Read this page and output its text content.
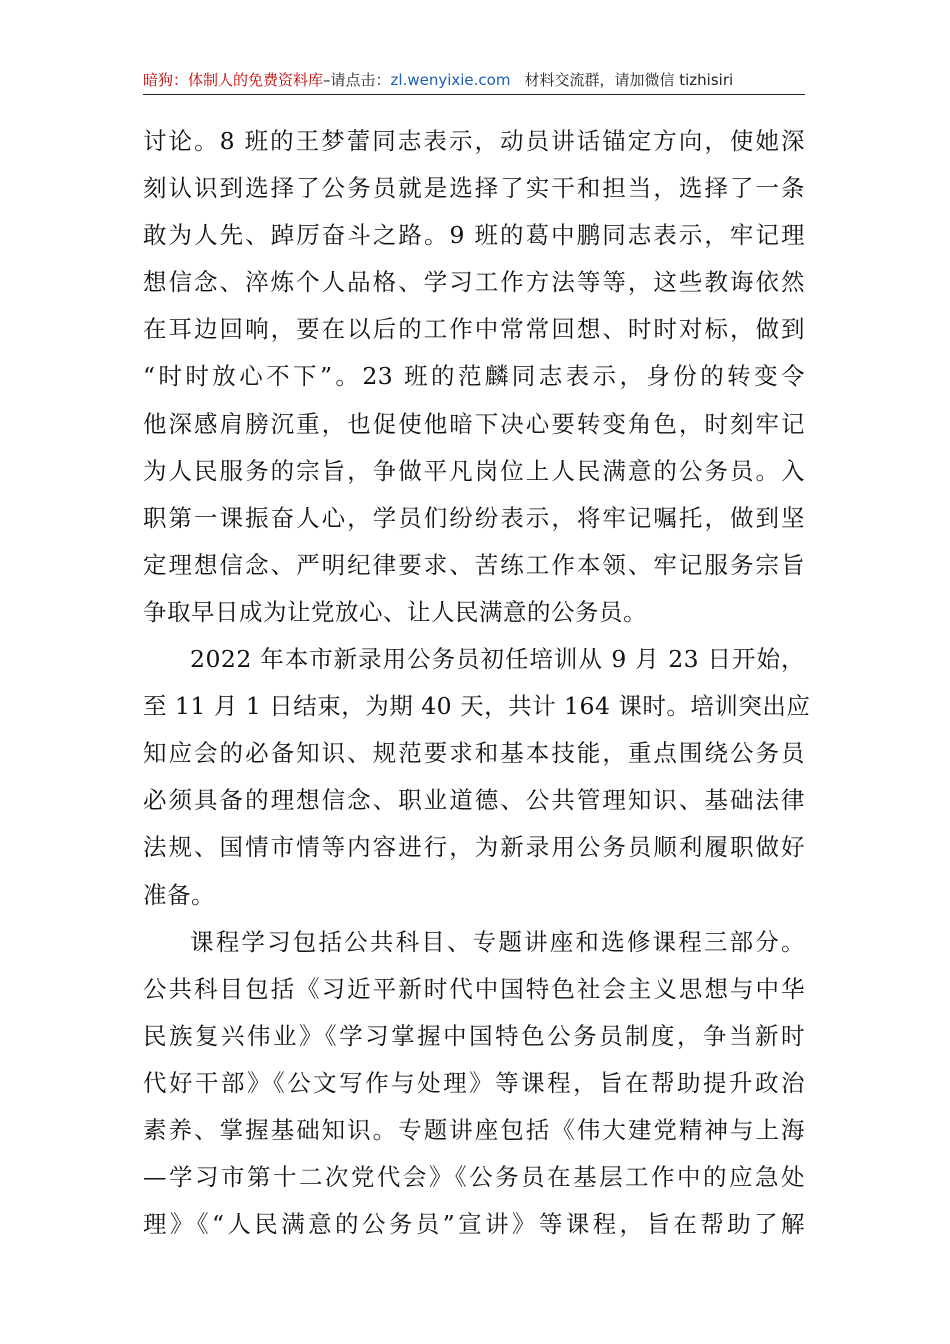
暗狗：体制人的免费资料库–请点击：zl.wenyixie.com 材料交流群，请加微信 tizhisiri
讨论。8 班的王梦蕾同志表示，动员讲话锚定方向，使她深
刻认识到选择了公务员就是选择了实干和担当，选择了一条
敢为人先、踔厉奋斗之路。9 班的葛中鹏同志表示，牢记理
想信念、淬炼个人品格、学习工作方法等等，这些教诲依然
在耳边回响，要在以后的工作中常常回想、时时对标，做到
“时时放心不下”。23 班的范麟同志表示，身份的转变令
他深感肩膀沉重，也促使他暗下决心要转变角色，时刻牢记
为人民服务的宗旨，争做平凡岗位上人民满意的公务员。入
职第一课振奋人心，学员们纷纷表示，将牢记嘱托，做到坚
定理想信念、严明纪律要求、苦练工作本领、牢记服务宗旨
争取早日成为让党放心、让人民满意的公务员。
2022 年本市新录用公务员初任培训从 9 月 23 日开始，
至 11 月 1 日结束，为期 40 天，共计 164 课时。培训突出应
知应会的必备知识、规范要求和基本技能，重点围绕公务员
必须具备的理想信念、职业道德、公共管理知识、基础法律
法规、国情市情等内容进行，为新录用公务员顺利履职做好
准备。
课程学习包括公共科目、专题讲座和选修课程三部分。
公共科目包括《习近平新时代中国特色社会主义思想与中华
民族复兴伟业》《学习掌握中国特色公务员制度，争当新时
代好干部》《公文写作与处理》等课程，旨在帮助提升政治
素养、掌握基础知识。专题讲座包括《伟大建党精神与上海
—学习市第十二次党代会》《公务员在基层工作中的应急处
理》《“人民满意的公务员”宣讲》等课程，旨在帮助了解
